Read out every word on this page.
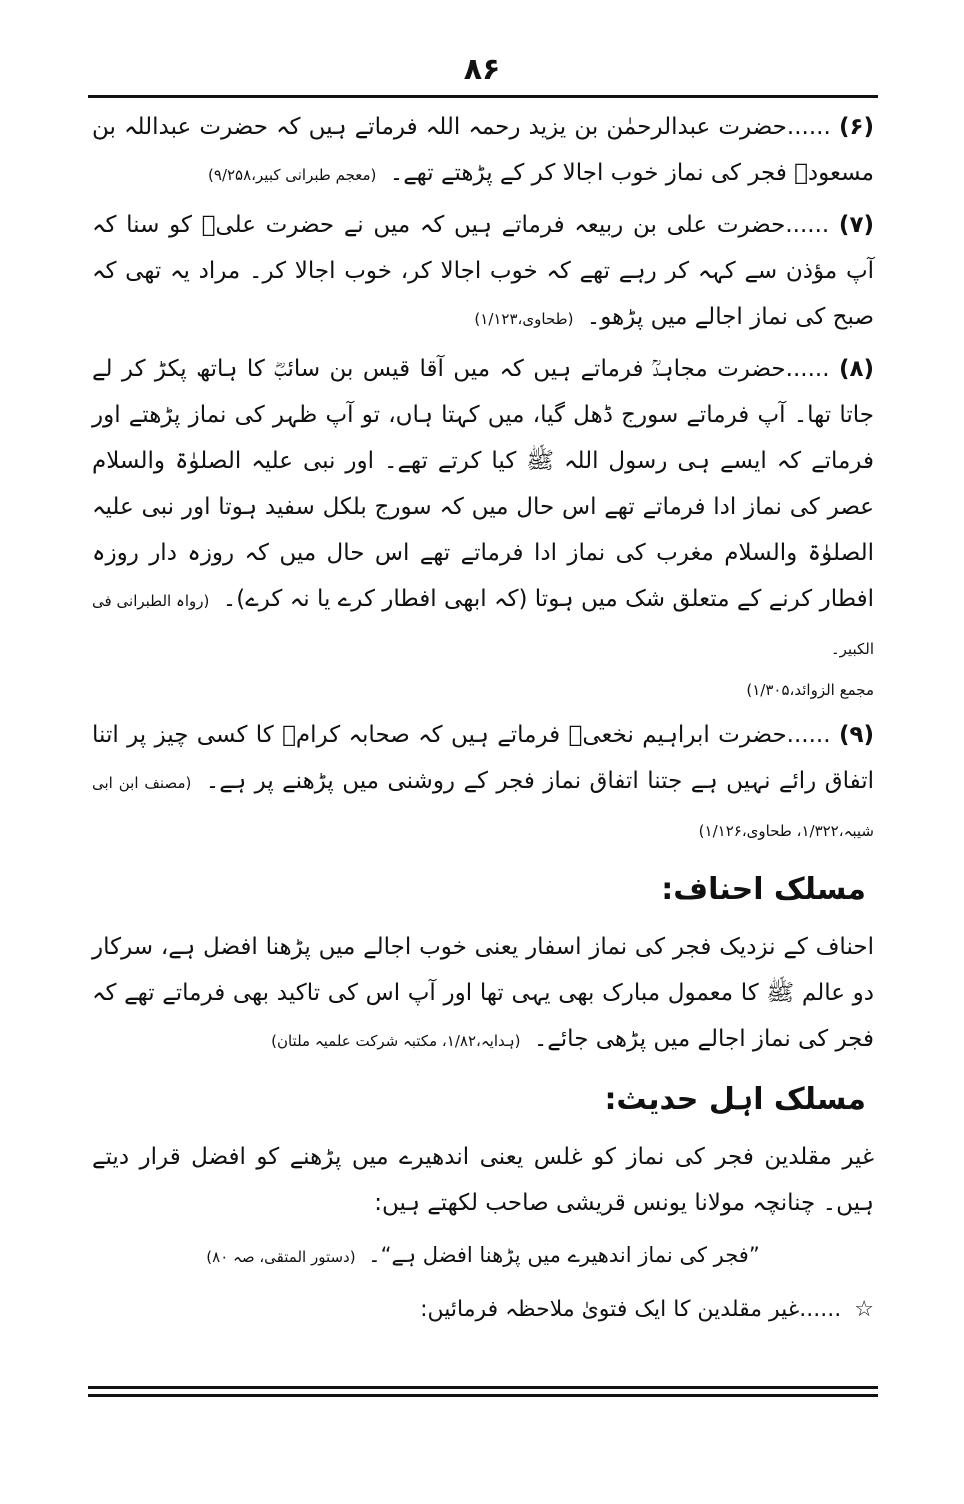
۸۶

(۶) ......حضرت عبدالرحمٰن بن یزید رحمہ اللہ فرماتے ہیں کہ حضرت عبداللہ بن مسعودؓ فجر کی نماز خوب اجالا کر کے پڑھتے تھے۔ (معجم طبرانی کبیر،۹/۲۵۸)

(۷) ......حضرت علی بن ربیعہ فرماتے ہیں کہ میں نے حضرت علیؓ کو سنا کہ آپ مؤذن سے کہہ کر رہے تھے کہ خوب اجالا کر، خوب اجالا کر۔ مراد یہ تھی کہ صبح کی نماز اجالے میں پڑھو۔ (طحاوی،۱/۱۲۳)

(۸) ......حضرت مجاہدؒ فرماتے ہیں کہ میں آقا قیس بن سائبؓ کا ہاتھ پکڑ کر لے جاتا تھا۔ آپ فرماتے سورج ڈھل گیا، میں کہتا ہاں، تو آپ ظہر کی نماز پڑھتے اور فرماتے کہ ایسے ہی رسول اللہ ﷺ کیا کرتے تھے۔ اور نبی علیہ الصلوٰۃ والسلام عصر کی نماز ادا فرماتے تھے اس حال میں کہ سورج بلکل سفید ہوتا اور نبی علیہ الصلوٰۃ والسلام مغرب کی نماز ادا فرماتے تھے اس حال میں کہ روزہ دار روزہ افطار کرنے کے متعلق شک میں ہوتا (کہ ابھی افطار کرے یا نہ کرے)۔ (رواہ الطبرانی فی الکبیر۔
مجمع الزوائد،۱/۳۰۵)

(۹) ......حضرت ابراہیم نخعیؒ فرماتے ہیں کہ صحابہ کرامؓ کا کسی چیز پر اتنا اتفاق رائے نہیں ہے جتنا اتفاق نماز فجر کے روشنی میں پڑھنے پر ہے۔ (مصنف ابن ابی شیبہ،۱/۳۲۲، طحاوی،۱/۱۲۶)

مسلک احناف:

احناف کے نزدیک فجر کی نماز اسفار یعنی خوب اجالے میں پڑھنا افضل ہے، سرکار دو عالم ﷺ کا معمول مبارک بھی یہی تھا اور آپ اس کی تاکید بھی فرماتے تھے کہ فجر کی نماز اجالے میں پڑھی جائے۔ (ہدایہ،۱/۸۲، مکتبہ شرکت علمیہ ملتان)

مسلک اہل حدیث:

غیر مقلدین فجر کی نماز کو غلس یعنی اندھیرے میں پڑھنے کو افضل قرار دیتے ہیں۔ چنانچہ مولانا یونس قریشی صاحب لکھتے ہیں:

”فجر کی نماز اندھیرے میں پڑھنا افضل ہے“۔ (دستور المتقی، صہ ۸۰)
☆ ......غیر مقلدین کا ایک فتویٰ ملاحظہ فرمائیں:
